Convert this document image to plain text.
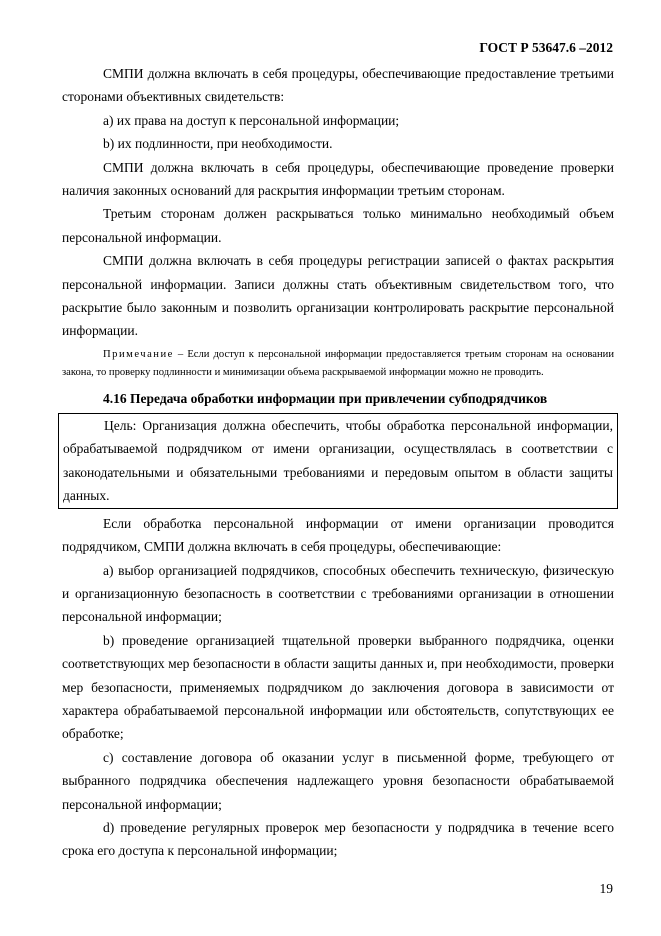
ГОСТ Р 53647.6 –2012

СМПИ должна включать в себя процедуры, обеспечивающие предоставление третьими сторонами объективных свидетельств:

а) их права на доступ к персональной информации;

b) их подлинности, при необходимости.

СМПИ должна включать в себя процедуры, обеспечивающие проведение проверки наличия законных оснований для раскрытия информации третьим сторонам.

Третьим сторонам должен раскрываться только минимально необходимый объем персональной информации.

СМПИ должна включать в себя процедуры регистрации записей о фактах раскрытия персональной информации. Записи должны стать объективным свидетельством того, что раскрытие было законным и позволить организации контролировать раскрытие персональной информации.

Примечание – Если доступ к персональной информации предоставляется третьим сторонам на основании закона, то проверку подлинности и минимизации объема раскрываемой информации можно не проводить.

4.16 Передача обработки информации при привлечении субподрядчиков

Цель: Организация должна обеспечить, чтобы обработка персональной информации, обрабатываемой подрядчиком от имени организации, осуществлялась в соответствии с законодательными и обязательными требованиями и передовым опытом в области защиты данных.

Если обработка персональной информации от имени организации проводится подрядчиком, СМПИ должна включать в себя процедуры, обеспечивающие:

а) выбор организацией подрядчиков, способных обеспечить техническую, физическую и организационную безопасность в соответствии с требованиями организации в отношении персональной информации;

b) проведение организацией тщательной проверки выбранного подрядчика, оценки соответствующих мер безопасности в области защиты данных и, при необходимости, проверки мер безопасности, применяемых подрядчиком до заключения договора в зависимости от характера обрабатываемой персональной информации или обстоятельств, сопутствующих ее обработке;

c) составление договора об оказании услуг в письменной форме, требующего от выбранного подрядчика обеспечения надлежащего уровня безопасности обрабатываемой персональной информации;

d) проведение регулярных проверок мер безопасности у подрядчика в течение всего срока его доступа к персональной информации;

19
